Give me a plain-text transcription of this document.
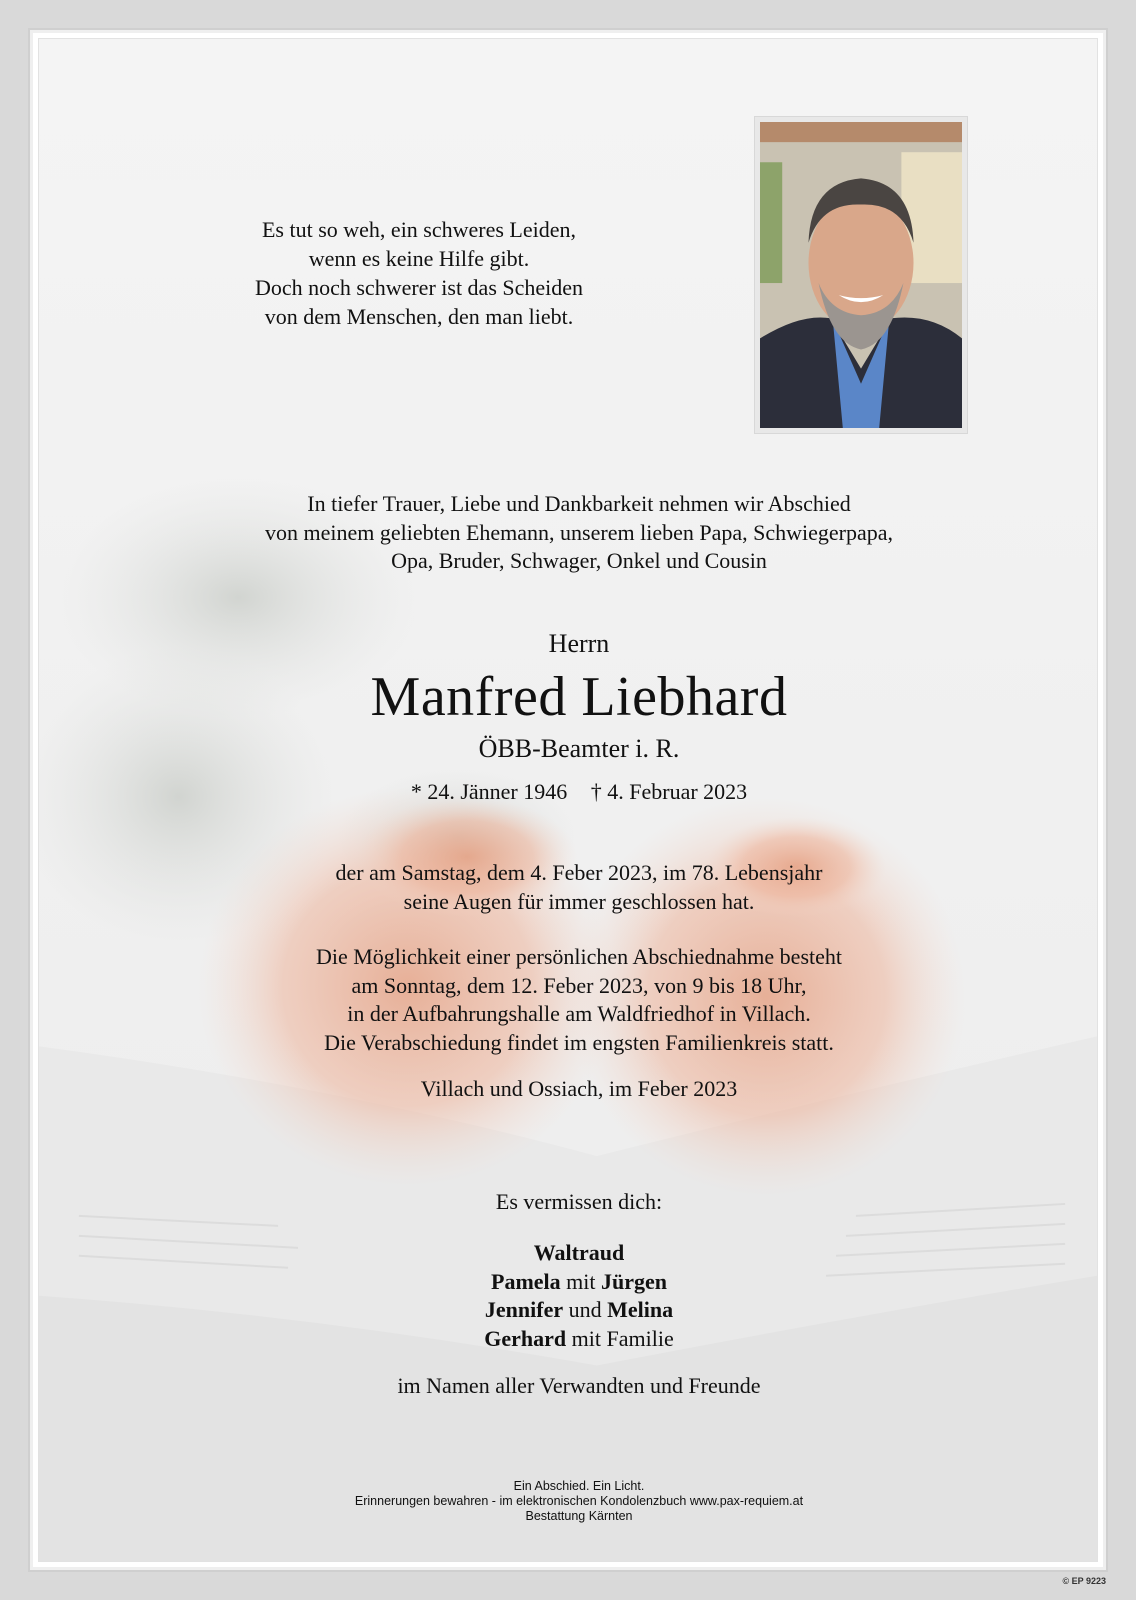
Es tut so weh, ein schweres Leiden,
wenn es keine Hilfe gibt.
Doch noch schwerer ist das Scheiden
von dem Menschen, den man liebt.
In tiefer Trauer, Liebe und Dankbarkeit nehmen wir Abschied
von meinem geliebten Ehemann, unserem lieben Papa, Schwiegerpapa,
Opa, Bruder, Schwager, Onkel und Cousin
Herrn
Manfred Liebhard
ÖBB-Beamter i. R.
* 24. Jänner 1946 † 4. Februar 2023
der am Samstag, dem 4. Feber 2023, im 78. Lebensjahr
seine Augen für immer geschlossen hat.
Die Möglichkeit einer persönlichen Abschiednahme besteht
am Sonntag, dem 12. Feber 2023, von 9 bis 18 Uhr,
in der Aufbahrungshalle am Waldfriedhof in Villach.
Die Verabschiedung findet im engsten Familienkreis statt.
Villach und Ossiach, im Feber 2023
Es vermissen dich:
Waltraud
Pamela mit Jürgen
Jennifer und Melina
Gerhard mit Familie
im Namen aller Verwandten und Freunde
Ein Abschied. Ein Licht.
Erinnerungen bewahren - im elektronischen Kondolenzbuch www.pax-requiem.at
Bestattung Kärnten
© EP 9223
